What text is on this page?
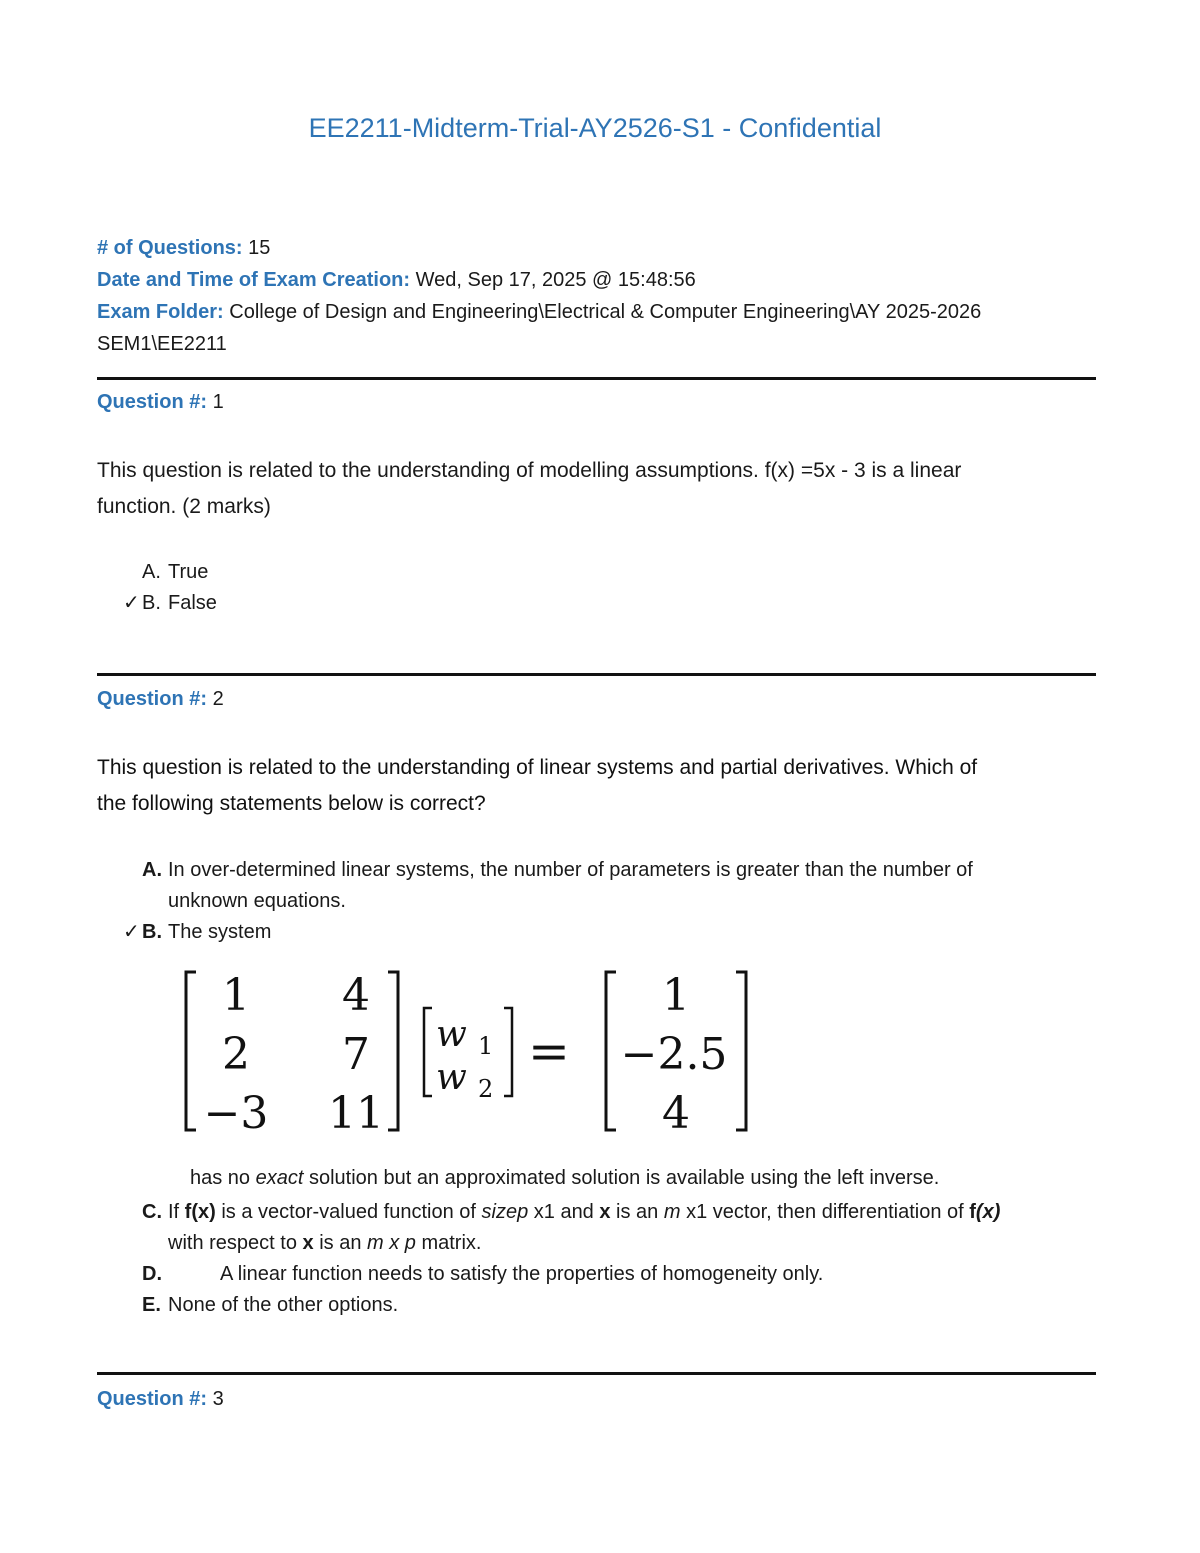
EE2211-Midterm-Trial-AY2526-S1 - Confidential
# of Questions: 15
Date and Time of Exam Creation: Wed, Sep 17, 2025 @ 15:48:56
Exam Folder: College of Design and Engineering\Electrical & Computer Engineering\AY 2025-2026
SEM1\EE2211
Question #: 1
This question is related to the understanding of modelling assumptions. f(x) =5x - 3 is a linear
function. (2 marks)
A. True
✓ B. False
Question #: 2
This question is related to the understanding of linear systems and partial derivatives. Which of
the following statements below is correct?
A. In over-determined linear systems, the number of parameters is greater than the number of
unknown equations.
✓ B. The system
1 4
2 7
−3 11
w 1
w 2
=
1
−2.5
4
has no exact solution but an approximated solution is available using the left inverse.
C. If f(x) is a vector-valued function of sizep x1 and x is an m x1 vector, then differentiation of f(x)
with respect to x is an m x p matrix.
D.	A linear function needs to satisfy the properties of homogeneity only.
E. None of the other options.
Question #: 3
